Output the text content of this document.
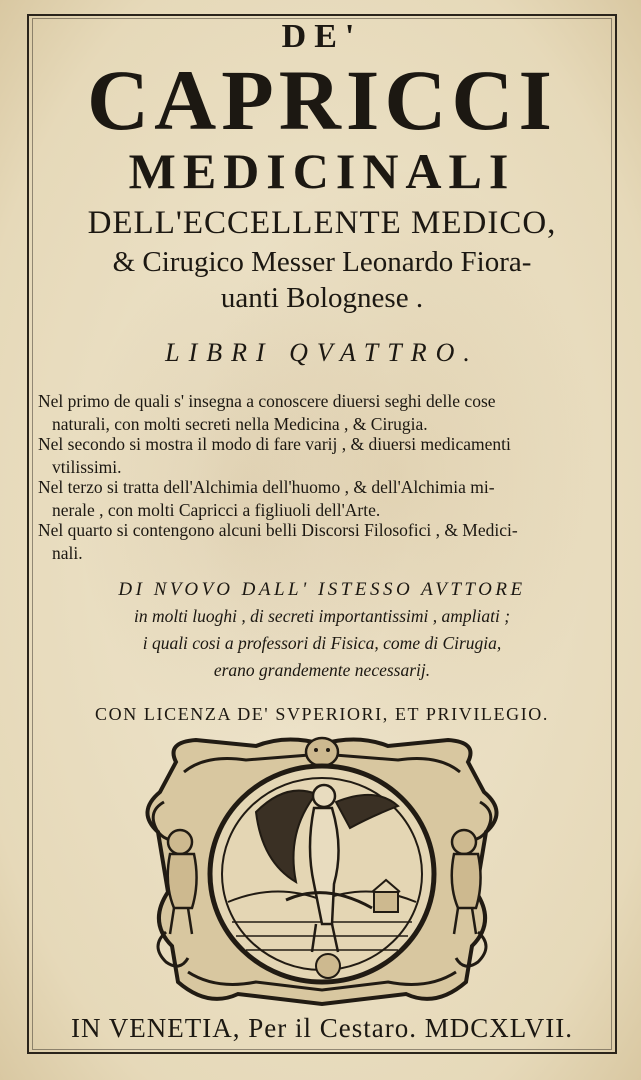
DE'
CAPRICCI
MEDICINALI
DELL'ECCELLENTE MEDICO,
& Cirugico Messer Leonardo Fiora-
uanti Bolognese .
LIBRI QVATTRO.
Nel primo de quali s' insegna a conoscere diuersi seghi delle cose
naturali, con molti secreti nella Medicina , & Cirugia.
Nel secondo si mostra il modo di fare varij , & diuersi medicamenti
vtilissimi.
Nel terzo si tratta dell'Alchimia dell'huomo , & dell'Alchimia mi-
nerale , con molti Capricci a figliuoli dell'Arte.
Nel quarto si contengono alcuni belli Discorsi Filosofici , & Medici-
nali.
DI NVOVO DALL' ISTESSO AVTTORE
in molti luoghi , di secreti importantissimi , ampliati ;
i quali cosi a professori di Fisica, come di Cirugia,
erano grandemente necessarij.
CON LICENZA DE' SVPERIORI, ET PRIVILEGIO.
IN VENETIA, Per il Cestaro. MDCXLVII.
